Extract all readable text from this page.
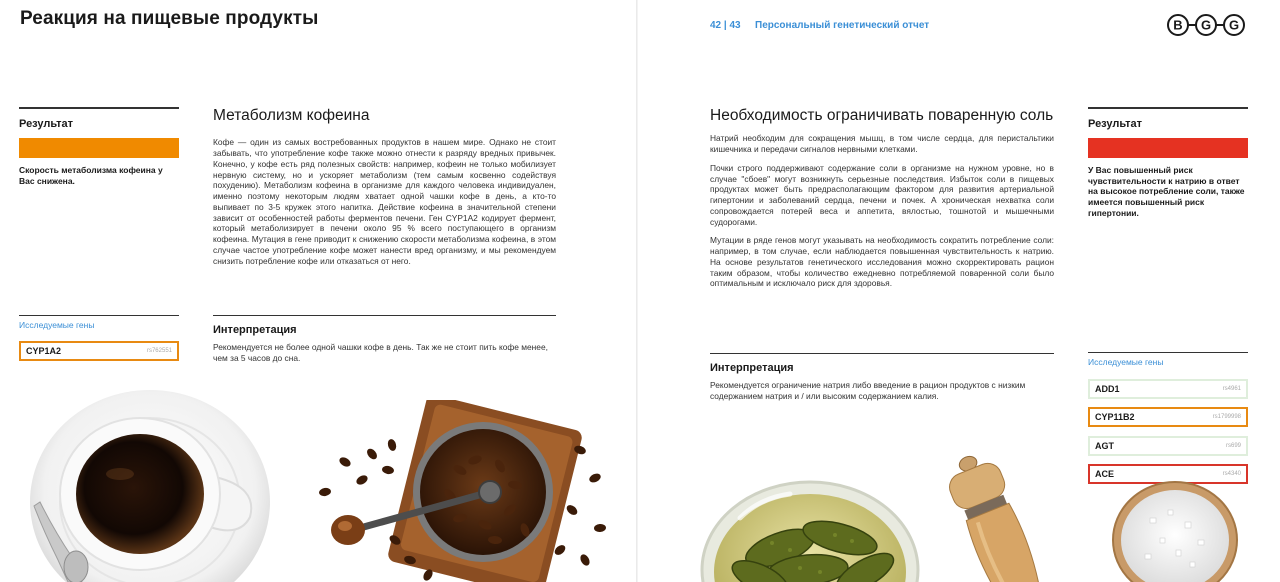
Реакция на пищевые продукты
Результат
Скорость метаболизма кофеина у Вас снижена.
Исследуемые гены
CYP1A2	rs762551
Метаболизм кофеина

Кофе — один из самых востребованных продуктов в нашем мире. Однако не стоит забывать, что употребление кофе также можно отнести к разряду вредных привычек. Конечно, у кофе есть ряд полезных свойств: например, кофеин не только мобилизует нервную систему, но и ускоряет метаболизм (тем самым косвенно содействуя похудению). Метаболизм кофеина в организме для каждого человека индивидуален, именно поэтому некоторым людям хватает одной чашки кофе в день, а кто-то выпивает по 3-5 кружек этого напитка. Действие кофеина в значительной степени зависит от особенностей работы ферментов печени. Ген CYP1A2 кодирует фермент, который метаболизирует в печени около 95 % всего поступающего в организм кофеина. Мутация в гене приводит к снижению скорости метаболизма кофеина, в этом случае частое употребление кофе может нанести вред организму, и мы рекомендуем снизить потребление кофе или отказаться от него.

Интерпретация
Рекомендуется не более одной чашки кофе в день. Так же не стоит пить кофе менее, чем за 5 часов до сна.
42 | 43 Персональный генетический отчет	B G G
Необходимость ограничивать поваренную соль

Натрий необходим для сокращения мышц, в том числе сердца, для перистальтики кишечника и передачи сигналов нервными клетками.

Почки строго поддерживают содержание соли в организме на нужном уровне, но в случае "сбоев" могут возникнуть серьезные последствия. Избыток соли в пищевых продуктах может быть предрасполагающим фактором для развития артериальной гипертонии и заболеваний сердца, печени и почек. А хроническая нехватка соли сопровождается потерей веса и аппетита, вялостью, тошнотой и мышечными судорогами.

Мутации в ряде генов могут указывать на необходимость сократить потребление соли: например, в том случае, если наблюдается повышенная чувствительность к натрию. На основе результатов генетического исследования можно скорректировать рацион таким образом, чтобы количество ежедневно потребляемой поваренной соли было оптимальным и исключало риск для здоровья.

Интерпретация
Рекомендуется ограничение натрия либо введение в рацион продуктов с низким содержанием натрия и / или высоким содержанием калия.
Результат
У Вас повышенный риск чувствительности к натрию в ответ на высокое потребление соли, также имеется повышенный риск гипертонии.
Исследуемые гены
ADD1	rs4961
CYP11B2	rs1799998
AGT	rs699
ACE	rs4340
